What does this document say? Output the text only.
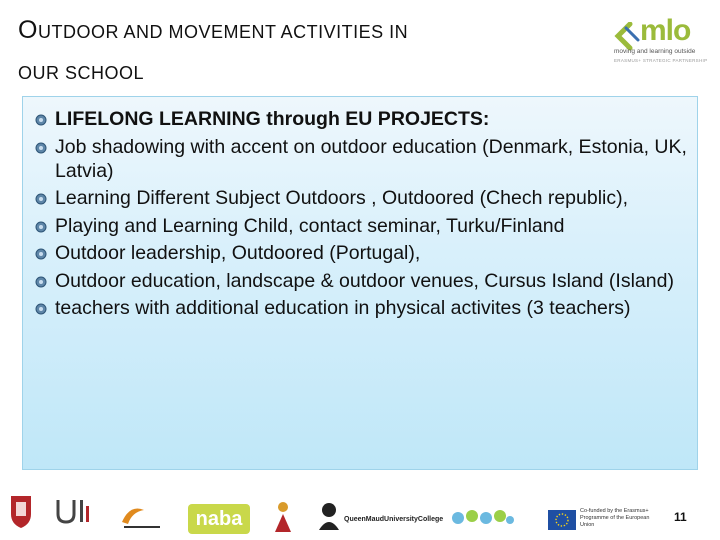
OUTDOOR AND MOVEMENT ACTIVITIES IN
OUR SCHOOL
mlo
moving and learning outside
ERASMUS+ STRATEGIC PARTNERSHIP
LIFELONG LEARNING through EU PROJECTS:
Job shadowing with accent on outdoor education (Denmark, Estonia, UK, Latvia)
Learning Different Subject Outdoors , Outdoored (Chech republic),
Playing and Learning Child, contact seminar, Turku/Finland
Outdoor leadership, Outdoored (Portugal),
Outdoor education, landscape & outdoor venues, Cursus Island (Island)
teachers with additional education in physical activites (3 teachers)
naba	QueenMaudUniversityCollege
Co-funded by the Erasmus+ Programme of the European Union
11
